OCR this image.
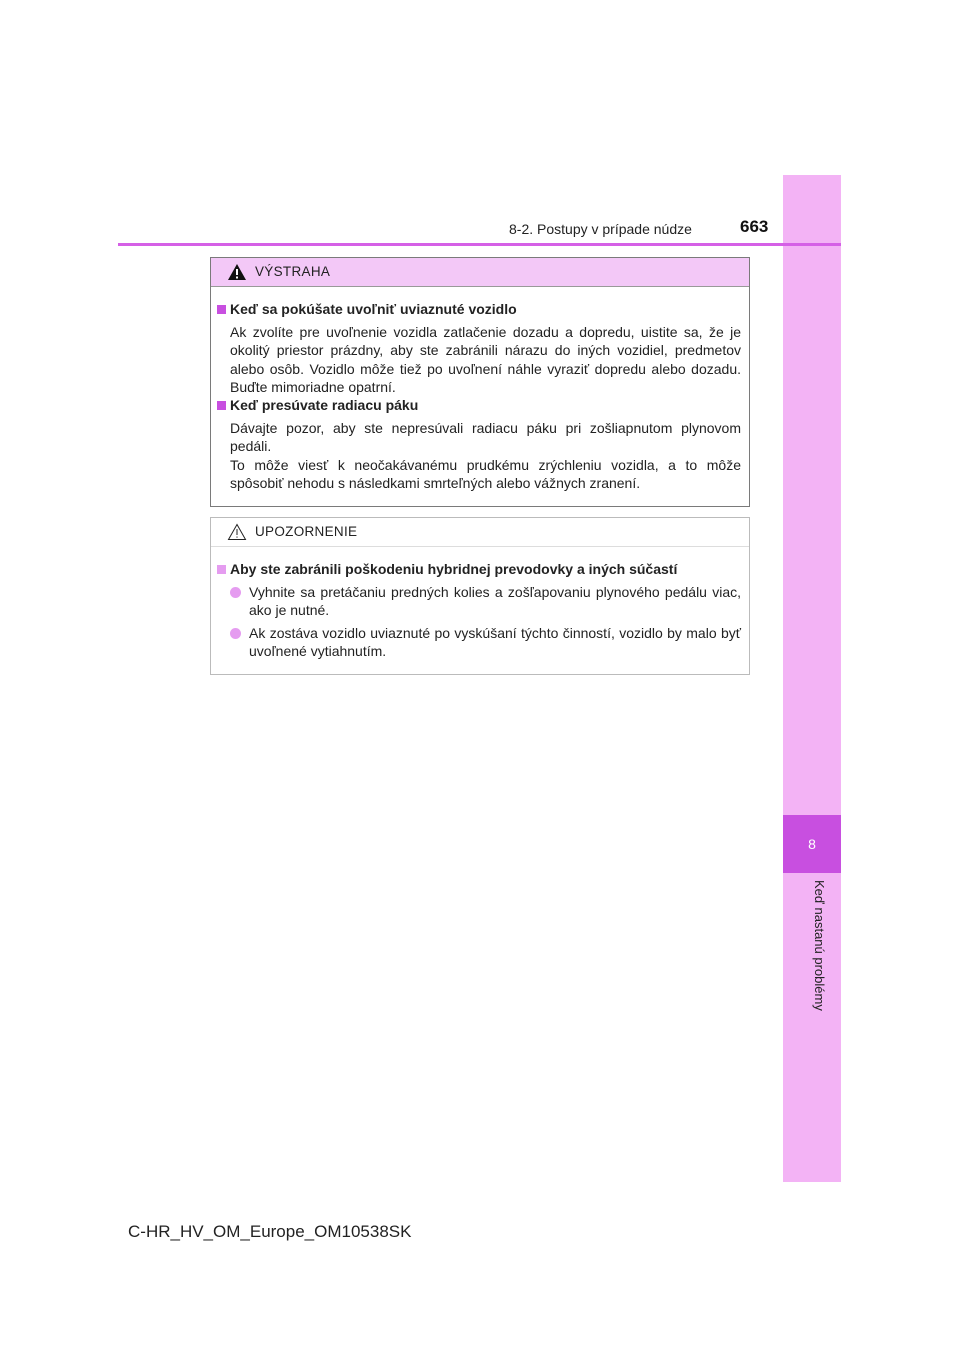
8
Keď nastanú problémy
8-2. Postupy v prípade núdze	663
VÝSTRAHA
Keď sa pokúšate uvoľniť uviaznuté vozidlo
Ak zvolíte pre uvoľnenie vozidla zatlačenie dozadu a dopredu, uistite sa, že je okolitý priestor prázdny, aby ste zabránili nárazu do iných vozidiel, predmetov alebo osôb. Vozidlo môže tiež po uvoľnení náhle vyraziť dopredu alebo dozadu. Buďte mimoriadne opatrní.
Keď presúvate radiacu páku
Dávajte pozor, aby ste nepresúvali radiacu páku pri zošliapnutom plynovom pedáli.
To môže viesť k neočakávanému prudkému zrýchleniu vozidla, a to môže spôsobiť nehodu s následkami smrteľných alebo vážnych zranení.
UPOZORNENIE
Aby ste zabránili poškodeniu hybridnej prevodovky a iných súčastí
Vyhnite sa pretáčaniu predných kolies a zošľapovaniu plynového pedálu viac, ako je nutné.
Ak zostáva vozidlo uviaznuté po vyskúšaní týchto činností, vozidlo by malo byť uvoľnené vytiahnutím.
C-HR_HV_OM_Europe_OM10538SK
